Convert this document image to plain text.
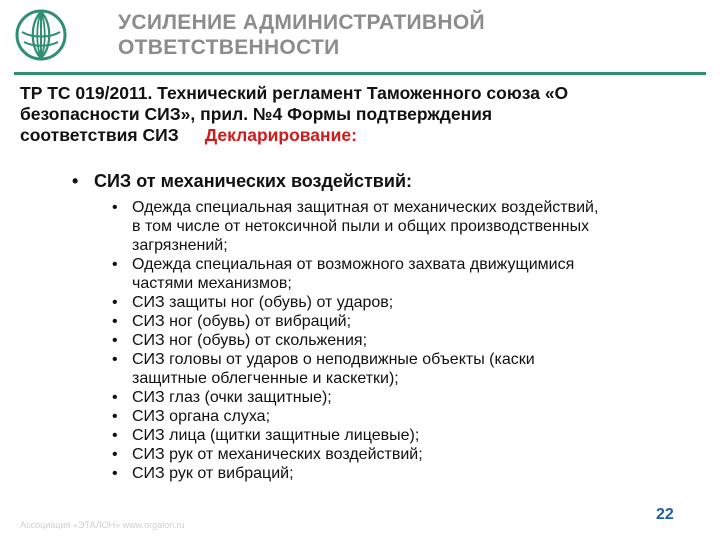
УСИЛЕНИЕ АДМИНИСТРАТИВНОЙ
ОТВЕТСТВЕННОСТИ
ТР ТС 019/2011. Технический регламент Таможенного союза «О
безопасности СИЗ», прил. №4 Формы подтверждения
соответствия СИЗ Декларирование:
• СИЗ от механических воздействий:
• Одежда специальная защитная от механических воздействий,
в том числе от нетоксичной пыли и общих производственных
загрязнений;
• Одежда специальная от возможного захвата движущимися
частями механизмов;
• СИЗ защиты ног (обувь) от ударов;
• СИЗ ног (обувь) от вибраций;
• СИЗ ног (обувь) от скольжения;
• СИЗ головы от ударов о неподвижные объекты (каски
защитные облегченные и каскетки);
• СИЗ глаз (очки защитные);
• СИЗ органа слуха;
• СИЗ лица (щитки защитные лицевые);
• СИЗ рук от механических воздействий;
• СИЗ рук от вибраций;
Ассоциация «ЭТАЛОН» www.orgalon.ru
22
